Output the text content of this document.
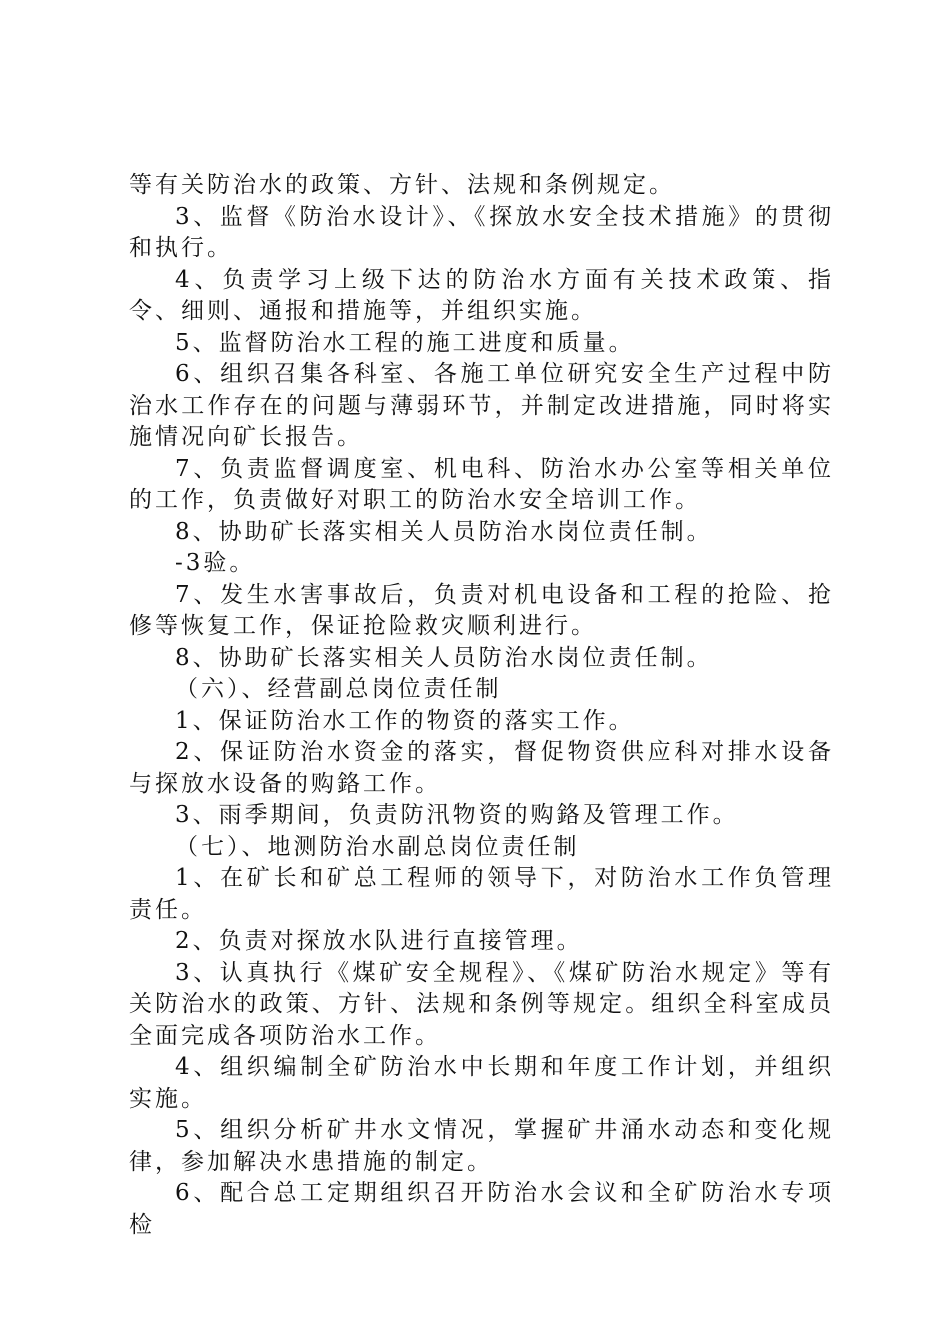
等有关防治水的政策、方针、法规和条例规定。

3、监督《防治水设计》、《探放水安全技术措施》的贯彻和执行。

4、负责学习上级下达的防治水方面有关技术政策、指令、细则、通报和措施等，并组织实施。

5、监督防治水工程的施工进度和质量。

6、组织召集各科室、各施工单位研究安全生产过程中防治水工作存在的问题与薄弱环节，并制定改进措施，同时将实施情况向矿长报告。

7、负责监督调度室、机电科、防治水办公室等相关单位的工作，负责做好对职工的防治水安全培训工作。

8、协助矿长落实相关人员防治水岗位责任制。

-3验。

7、发生水害事故后，负责对机电设备和工程的抢险、抢修等恢复工作，保证抢险救灾顺利进行。

8、协助矿长落实相关人员防治水岗位责任制。

（六）、经营副总岗位责任制

1、保证防治水工作的物资的落实工作。

2、保证防治水资金的落实，督促物资供应科对排水设备与探放水设备的购鉻工作。

3、雨季期间，负责防汛物资的购鉻及管理工作。

（七）、地测防治水副总岗位责任制

1、在矿长和矿总工程师的领导下，对防治水工作负管理责任。

2、负责对探放水队进行直接管理。

3、认真执行《煤矿安全规程》、《煤矿防治水规定》等有关防治水的政策、方针、法规和条例等规定。组织全科室成员全面完成各项防治水工作。

4、组织编制全矿防治水中长期和年度工作计划，并组织实施。

5、组织分析矿井水文情况，掌握矿井涌水动态和变化规律，参加解决水患措施的制定。

6、配合总工定期组织召开防治水会议和全矿防治水专项检
